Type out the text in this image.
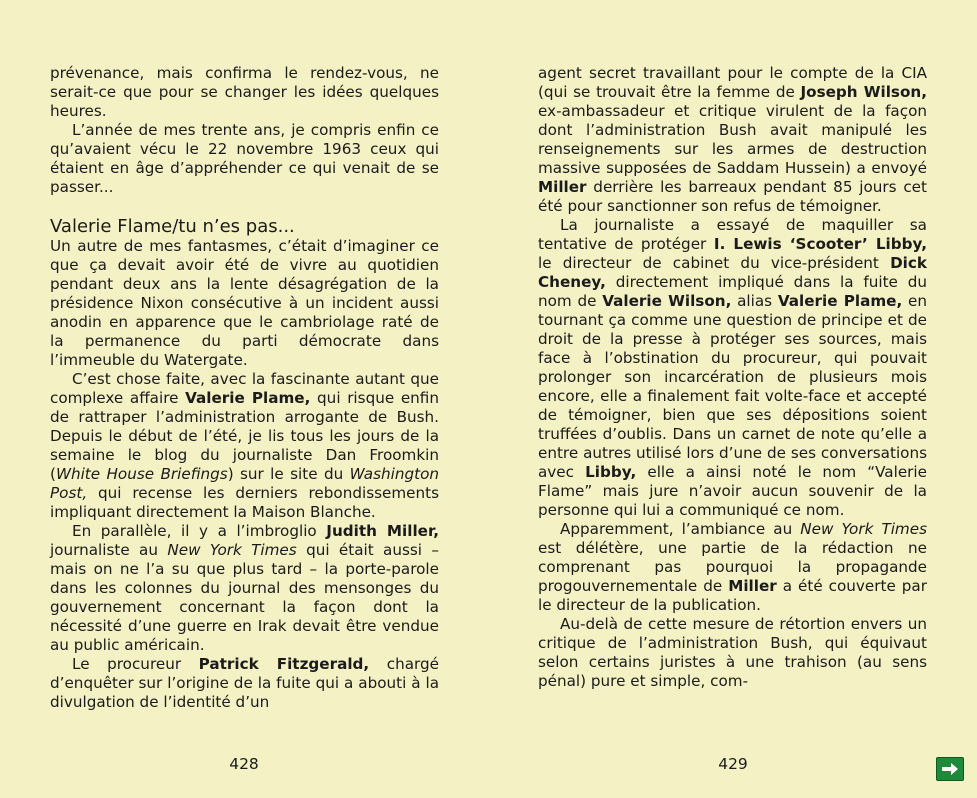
prévenance, mais confirma le rendez-vous, ne serait-ce que pour se changer les idées quelques heures.

L’année de mes trente ans, je compris enfin ce qu’avaient vécu le 22 novembre 1963 ceux qui étaient en âge d’appréhender ce qui venait de se passer...

Valerie Flame/tu n’es pas...

Un autre de mes fantasmes, c’était d’imaginer ce que ça devait avoir été de vivre au quotidien pendant deux ans la lente désagrégation de la présidence Nixon consécutive à un incident aussi anodin en apparence que le cambriolage raté de la permanence du parti démocrate dans l’immeuble du Watergate.

C’est chose faite, avec la fascinante autant que complexe affaire Valerie Plame, qui risque enfin de rattraper l’administration arrogante de Bush. Depuis le début de l’été, je lis tous les jours de la semaine le blog du journaliste Dan Froomkin (White House Briefings) sur le site du Washington Post, qui recense les derniers rebondissements impliquant directement la Maison Blanche.

En parallèle, il y a l’imbroglio Judith Miller, journaliste au New York Times qui était aussi – mais on ne l’a su que plus tard – la porte-parole dans les colonnes du journal des mensonges du gouvernement concernant la façon dont la nécessité d’une guerre en Irak devait être vendue au public américain.

Le procureur Patrick Fitzgerald, chargé d’enquêter sur l’origine de la fuite qui a abouti à la divulgation de l’identité d’un

agent secret travaillant pour le compte de la CIA (qui se trouvait être la femme de Joseph Wilson, ex-ambassadeur et critique virulent de la façon dont l’administration Bush avait manipulé les renseignements sur les armes de destruction massive supposées de Saddam Hussein) a envoyé Miller derrière les barreaux pendant 85 jours cet été pour sanctionner son refus de témoigner.

La journaliste a essayé de maquiller sa tentative de protéger I. Lewis ‘Scooter’ Libby, le directeur de cabinet du vice-président Dick Cheney, directement impliqué dans la fuite du nom de Valerie Wilson, alias Valerie Plame, en tournant ça comme une question de principe et de droit de la presse à protéger ses sources, mais face à l’obstination du procureur, qui pouvait prolonger son incarcération de plusieurs mois encore, elle a finalement fait volte-face et accepté de témoigner, bien que ses dépositions soient truffées d’oublis. Dans un carnet de note qu’elle a entre autres utilisé lors d’une de ses conversations avec Libby, elle a ainsi noté le nom “Valerie Flame” mais jure n’avoir aucun souvenir de la personne qui lui a communiqué ce nom.

Apparemment, l’ambiance au New York Times est délétère, une partie de la rédaction ne comprenant pas pourquoi la propagande progouvernementale de Miller a été couverte par le directeur de la publication.

Au-delà de cette mesure de rétortion envers un critique de l’administration Bush, qui équivaut selon certains juristes à une trahison (au sens pénal) pure et simple, com-

428	429
